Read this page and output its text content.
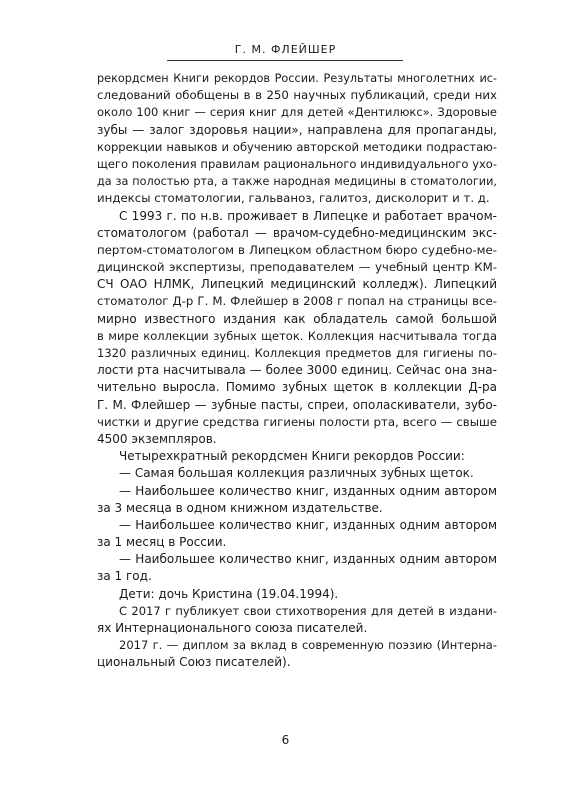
Г. М. ФЛЕЙШЕР
рекордсмен Книги рекордов России. Результаты многолетних ис-
следований обобщены в в 250 научных публикаций, среди них
около 100 книг — серия книг для детей «Дентилюкс». Здоровые
зубы — залог здоровья нации», направлена для пропаганды,
коррекции навыков и обучению авторской методики подрастаю-
щего поколения правилам рационального индивидуального ухо-
да за полостью рта, а также народная медицины в стоматологии,
индексы стоматологии, гальваноз, галитоз, дисколорит и т. д.
С 1993 г. по н.в. проживает в Липецке и работает врачом-
стоматологом (работал — врачом-судебно-медицинским экс-
пертом-стоматологом в Липецком областном бюро судебно-ме-
дицинской экспертизы, преподавателем — учебный центр КМ-
СЧ ОАО НЛМК, Липецкий медицинский колледж). Липецкий
стоматолог Д-р Г. М. Флейшер в 2008 г попал на страницы все-
мирно известного издания как обладатель самой большой
в мире коллекции зубных щеток. Коллекция насчитывала тогда
1320 различных единиц. Коллекция предметов для гигиены по-
лости рта насчитывала — более 3000 единиц. Сейчас она зна-
чительно выросла. Помимо зубных щеток в коллекции Д-ра
Г. М. Флейшер — зубные пасты, спреи, ополаскиватели, зубо-
чистки и другие средства гигиены полости рта, всего — свыше
4500 экземпляров.
Четырехкратный рекордсмен Книги рекордов России:
— Самая большая коллекция различных зубных щеток.
— Наибольшее количество книг, изданных одним автором
за 3 месяца в одном книжном издательстве.
— Наибольшее количество книг, изданных одним автором
за 1 месяц в России.
— Наибольшее количество книг, изданных одним автором
за 1 год.
Дети: дочь Кристина (19.04.1994).
С 2017 г публикует свои стихотворения для детей в издани-
ях Интернационального союза писателей.
2017 г. — диплом за вклад в современную поэзию (Интерна-
циональный Союз писателей).
6
